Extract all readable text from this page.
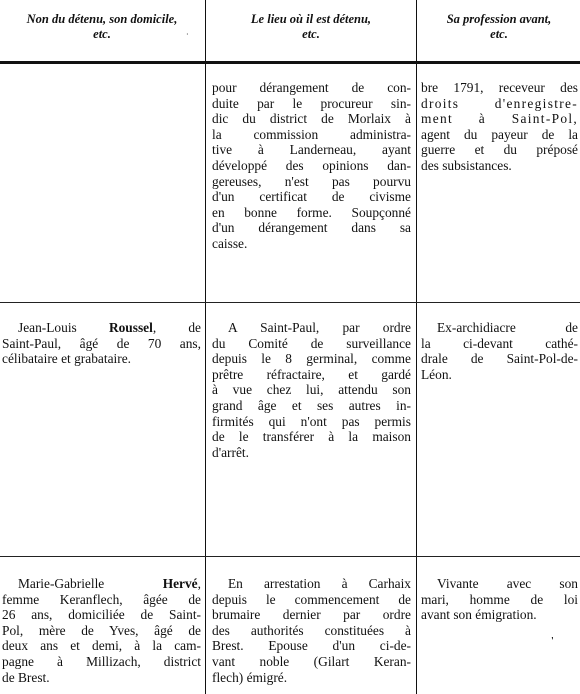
Non du détenu, son domicile,
etc.
Le lieu où il est détenu,
etc.
Sa profession avant,
etc.
·
pour dérangement de con-
duite par le procureur sin-
dic du district de Morlaix à
la commission administra-
tive à Landerneau, ayant
développé des opinions dan-
gereuses, n'est pas pourvu
d'un certificat de civisme
en bonne forme. Soupçonné
d'un dérangement dans sa
caisse.
bre 1791, receveur des
droits d'enregistre-
ment à Saint-Pol,
agent du payeur de la
guerre et du préposé
des subsistances.
Jean-Louis Roussel, de
Saint-Paul, âgé de 70 ans,
célibataire et grabataire.
A Saint-Paul, par ordre
du Comité de surveillance
depuis le 8 germinal, comme
prêtre réfractaire, et gardé
à vue chez lui, attendu son
grand âge et ses autres in-
firmités qui n'ont pas permis
de le transférer à la maison
d'arrêt.
Ex-archidiacre de
la ci-devant cathé-
drale de Saint-Pol-de-
Léon.
Marie-Gabrielle	Hervé,
femme Keranflech, âgée de
26 ans, domiciliée de Saint-
Pol, mère de Yves, âgé de
deux ans et demi, à la cam-
pagne à Millizach, district
de Brest.
En arrestation à Carhaix
depuis le commencement de
brumaire dernier par ordre
des authorités constituées à
Brest. Epouse d'un ci-de-
vant noble (Gilart Keran-
flech) émigré.
Vivante avec son
mari, homme de loi
avant son émigration.
'
